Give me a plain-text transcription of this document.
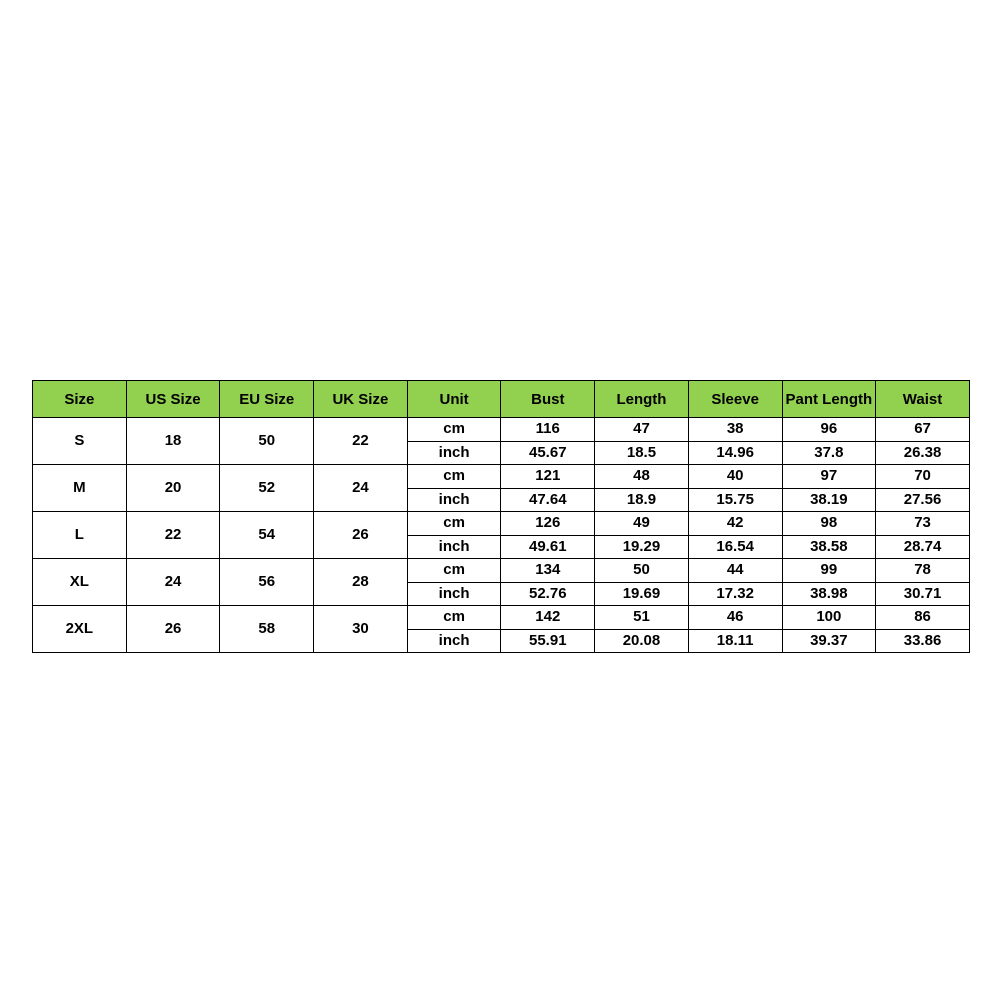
Size	US Size	EU Size	UK Size	Unit	Bust	Length	Sleeve	Pant Length	Waist
S	18	50	22	cm	116	47	38	96	67
				inch	45.67	18.5	14.96	37.8	26.38
M	20	52	24	cm	121	48	40	97	70
				inch	47.64	18.9	15.75	38.19	27.56
L	22	54	26	cm	126	49	42	98	73
				inch	49.61	19.29	16.54	38.58	28.74
XL	24	56	28	cm	134	50	44	99	78
				inch	52.76	19.69	17.32	38.98	30.71
2XL	26	58	30	cm	142	51	46	100	86
				inch	55.91	20.08	18.11	39.37	33.86
